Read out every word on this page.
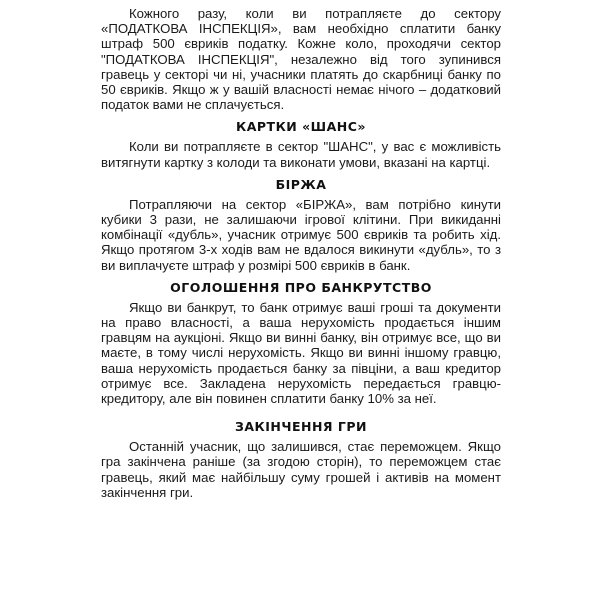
Кожного разу, коли ви потрапляєте до сектору «ПОДАТКОВА ІНСПЕКЦІЯ», вам необхідно сплатити банку штраф 500 євриків податку. Кожне коло, проходячи сектор "ПОДАТКОВА ІНСПЕКЦІЯ", незалежно від того зупинився гравець у секторі чи ні, учасники платять до скарбниці банку по 50 євриків. Якщо ж у вашій власності немає нічого – додатковий податок вами не сплачується.

КАРТКИ «ШАНС»

Коли ви потрапляєте в сектор "ШАНС", у вас є можливість витягнути картку з колоди та виконати умови, вказані на картці.

БІРЖА

Потрапляючи на сектор «БІРЖА», вам потрібно кинути кубики 3 рази, не залишаючи ігрової клітини. При викиданні комбінації «дубль», учасник отримує 500 євриків та робить хід. Якщо протягом 3-х ходів вам не вдалося викинути «дубль», то з ви виплачуєте штраф у розмірі 500 євриків в банк.

ОГОЛОШЕННЯ ПРО БАНКРУТСТВО

Якщо ви банкрут, то банк отримує ваші гроші та документи на право власності, а ваша нерухомість продається іншим гравцям на аукціоні. Якщо ви винні банку, він отримує все, що ви маєте, в тому числі нерухомість. Якщо ви винні іншому гравцю, ваша нерухомість продається банку за півціни, а ваш кредитор отримує все. Закладена нерухомість передається гравцю-кредитору, але він повинен сплатити банку 10% за неї.

ЗАКІНЧЕННЯ ГРИ

Останній учасник, що залишився, стає переможцем. Якщо гра закінчена раніше (за згодою сторін), то переможцем стає гравець, який має найбільшу суму грошей і активів на момент закінчення гри.
